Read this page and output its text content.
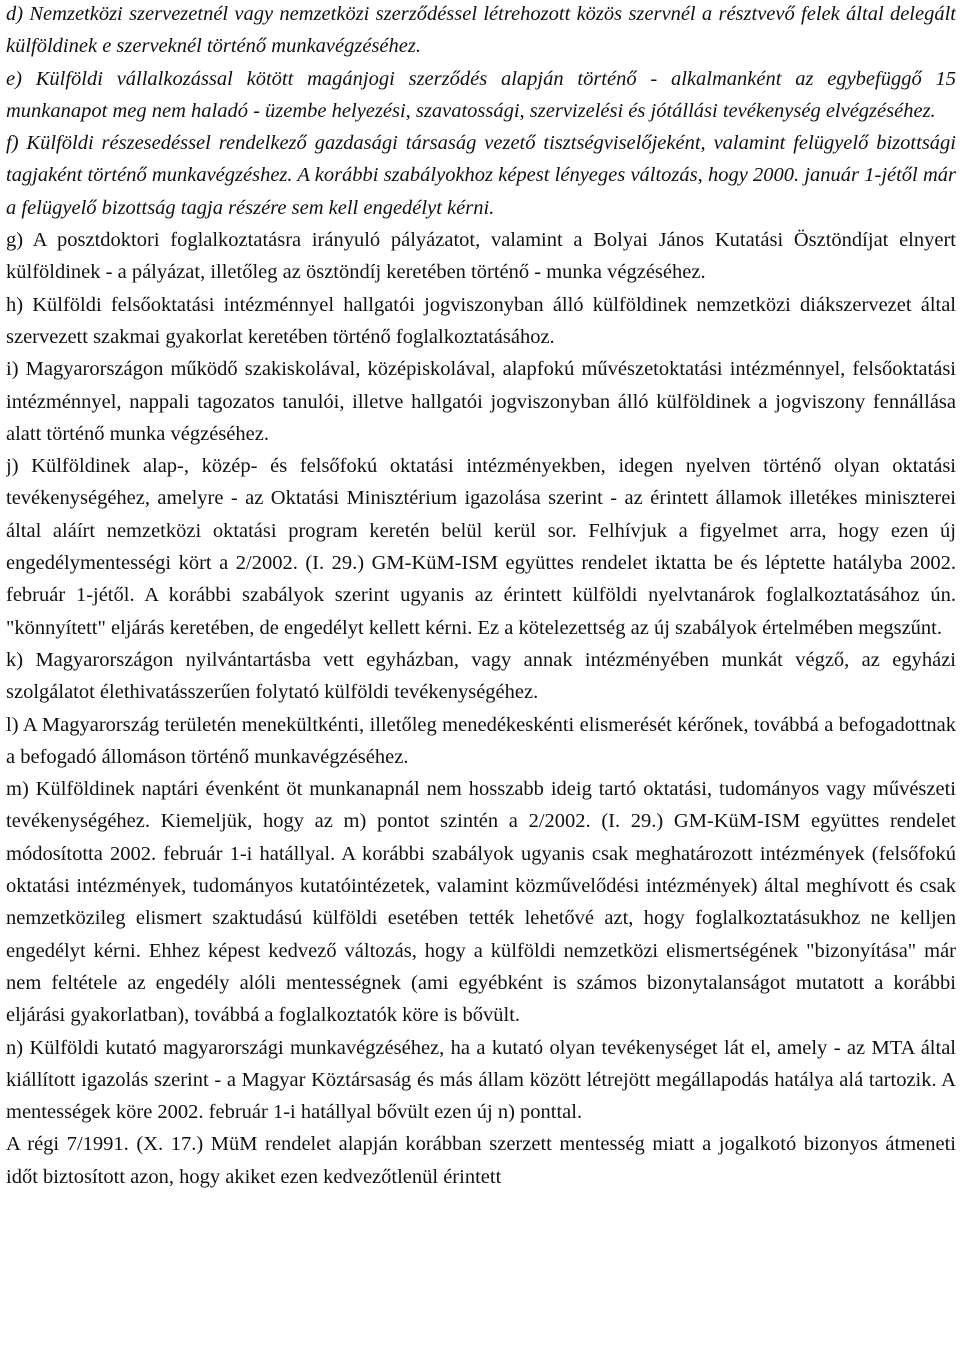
d) Nemzetközi szervezetnél vagy nemzetközi szerződéssel létrehozott közös szervnél a résztvevő felek által delegált külföldinek e szerveknél történő munkavégzéséhez.

e) Külföldi vállalkozással kötött magánjogi szerződés alapján történő - alkalmanként az egybefüggő 15 munkanapot meg nem haladó - üzembe helyezési, szavatossági, szervizelési és jótállási tevékenység elvégzéséhez.

f) Külföldi részesedéssel rendelkező gazdasági társaság vezető tisztségviselőjeként, valamint felügyelő bizottsági tagjaként történő munkavégzéshez. A korábbi szabályokhoz képest lényeges változás, hogy 2000. január 1-jétől már a felügyelő bizottság tagja részére sem kell engedélyt kérni.

g) A posztdoktori foglalkoztatásra irányuló pályázatot, valamint a Bolyai János Kutatási Ösztöndíjat elnyert külföldinek - a pályázat, illetőleg az ösztöndíj keretében történő - munka végzéséhez.

h) Külföldi felsőoktatási intézménnyel hallgatói jogviszonyban álló külföldinek nemzetközi diákszervezet által szervezett szakmai gyakorlat keretében történő foglalkoztatásához.

i) Magyarországon működő szakiskolával, középiskolával, alapfokú művészetoktatási intézménnyel, felsőoktatási intézménnyel, nappali tagozatos tanulói, illetve hallgatói jogviszonyban álló külföldinek a jogviszony fennállása alatt történő munka végzéséhez.

j) Külföldinek alap-, közép- és felsőfokú oktatási intézményekben, idegen nyelven történő olyan oktatási tevékenységéhez, amelyre - az Oktatási Minisztérium igazolása szerint - az érintett államok illetékes miniszterei által aláírt nemzetközi oktatási program keretén belül kerül sor. Felhívjuk a figyelmet arra, hogy ezen új engedélymentességi kört a 2/2002. (I. 29.) GM-KüM-ISM együttes rendelet iktatta be és léptette hatályba 2002. február 1-jétől. A korábbi szabályok szerint ugyanis az érintett külföldi nyelvtanárok foglalkoztatásához ún. "könnyített" eljárás keretében, de engedélyt kellett kérni. Ez a kötelezettség az új szabályok értelmében megszűnt.

k) Magyarországon nyilvántartásba vett egyházban, vagy annak intézményében munkát végző, az egyházi szolgálatot élethivatásszerűen folytató külföldi tevékenységéhez.

l) A Magyarország területén menekültkénti, illetőleg menedékeskénti elismerését kérőnek, továbbá a befogadottnak a befogadó állomáson történő munkavégzéséhez.

m) Külföldinek naptári évenként öt munkanapnál nem hosszabb ideig tartó oktatási, tudományos vagy művészeti tevékenységéhez. Kiemeljük, hogy az m) pontot szintén a 2/2002. (I. 29.) GM-KüM-ISM együttes rendelet módosította 2002. február 1-i hatállyal. A korábbi szabályok ugyanis csak meghatározott intézmények (felsőfokú oktatási intézmények, tudományos kutatóintézetek, valamint közművelődési intézmények) által meghívott és csak nemzetközileg elismert szaktudású külföldi esetében tették lehetővé azt, hogy foglalkoztatásukhoz ne kelljen engedélyt kérni. Ehhez képest kedvező változás, hogy a külföldi nemzetközi elismertségének "bizonyítása" már nem feltétele az engedély alóli mentességnek (ami egyébként is számos bizonytalanságot mutatott a korábbi eljárási gyakorlatban), továbbá a foglalkoztatók köre is bővült.

n) Külföldi kutató magyarországi munkavégzéséhez, ha a kutató olyan tevékenységet lát el, amely - az MTA által kiállított igazolás szerint - a Magyar Köztársaság és más állam között létrejött megállapodás hatálya alá tartozik. A mentességek köre 2002. február 1-i hatállyal bővült ezen új n) ponttal.

A régi 7/1991. (X. 17.) MüM rendelet alapján korábban szerzett mentesség miatt a jogalkotó bizonyos átmeneti időt biztosított azon, hogy akiket ezen kedvezőtlenül érintett
